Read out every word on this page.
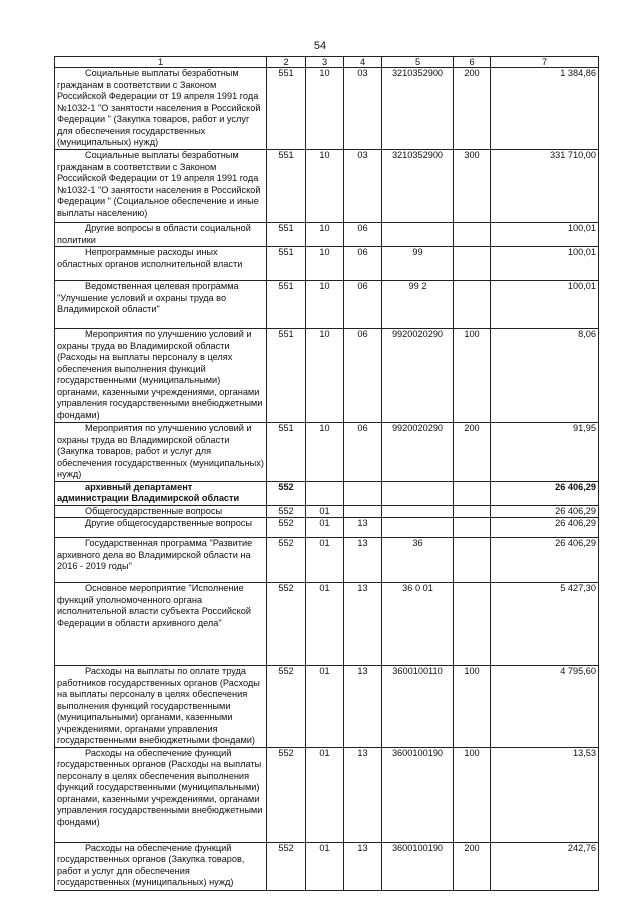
54
1	2	3	4	5	6	7
Социальные выплаты безработным гражданам в соответствии с Законом Российской Федерации от 19 апреля 1991 года №1032-1 "О занятости населения в Российской Федерации " (Закупка товаров, работ и услуг для обеспечения государственных (муниципальных) нужд)	551	10	03	3210352900	200	1 384,86
Социальные выплаты безработным гражданам в соответствии с Законом Российской Федерации от 19 апреля 1991 года №1032-1 "О занятости населения в Российской Федерации " (Социальное обеспечение и иные выплаты населению)	551	10	03	3210352900	300	331 710,00
Другие вопросы в области социальной политики	551	10	06			100,01
Непрограммные расходы иных областных органов исполнительной власти	551	10	06	99		100,01
Ведомственная целевая программа "Улучшение условий и охраны труда во Владимирской области"	551	10	06	99 2		100,01
Мероприятия по улучшению условий и охраны труда во Владимирской области (Расходы на выплаты персоналу в целях обеспечения выполнения функций государственными (муниципальными) органами, казенными учреждениями, органами управления государственными внебюджетными фондами)	551	10	06	9920020290	100	8,06
Мероприятия по улучшению условий и охраны труда во Владимирской области (Закупка товаров, работ и услуг для обеспечения государственных (муниципальных) нужд)	551	10	06	9920020290	200	91,95
архивный департамент администрации Владимирской области	552					26 406,29
Общегосударственные вопросы	552	01				26 406,29
Другие общегосударственные вопросы	552	01	13			26 406,29
Государственная программа "Развитие архивного дела во Владимирской области на 2016 - 2019 годы"	552	01	13	36		26 406,29
Основное мероприятие "Исполнение функций уполномоченного органа исполнительной власти субъекта Российской Федерации в области архивного дела"	552	01	13	36 0 01		5 427,30
Расходы на выплаты по оплате труда работников государственных органов (Расходы на выплаты персоналу в целях обеспечения выполнения функций государственными (муниципальными) органами, казенными учреждениями, органами управления государственными внебюджетными фондами)	552	01	13	3600100110	100	4 795,60
Расходы на обеспечение функций государственных органов (Расходы на выплаты персоналу в целях обеспечения выполнения функций государственными (муниципальными) органами, казенными учреждениями, органами управления государственными внебюджетными фондами)	552	01	13	3600100190	100	13,53
Расходы на обеспечение функций государственных органов (Закупка товаров, работ и услуг для обеспечения государственных (муниципальных) нужд)	552	01	13	3600100190	200	242,76
